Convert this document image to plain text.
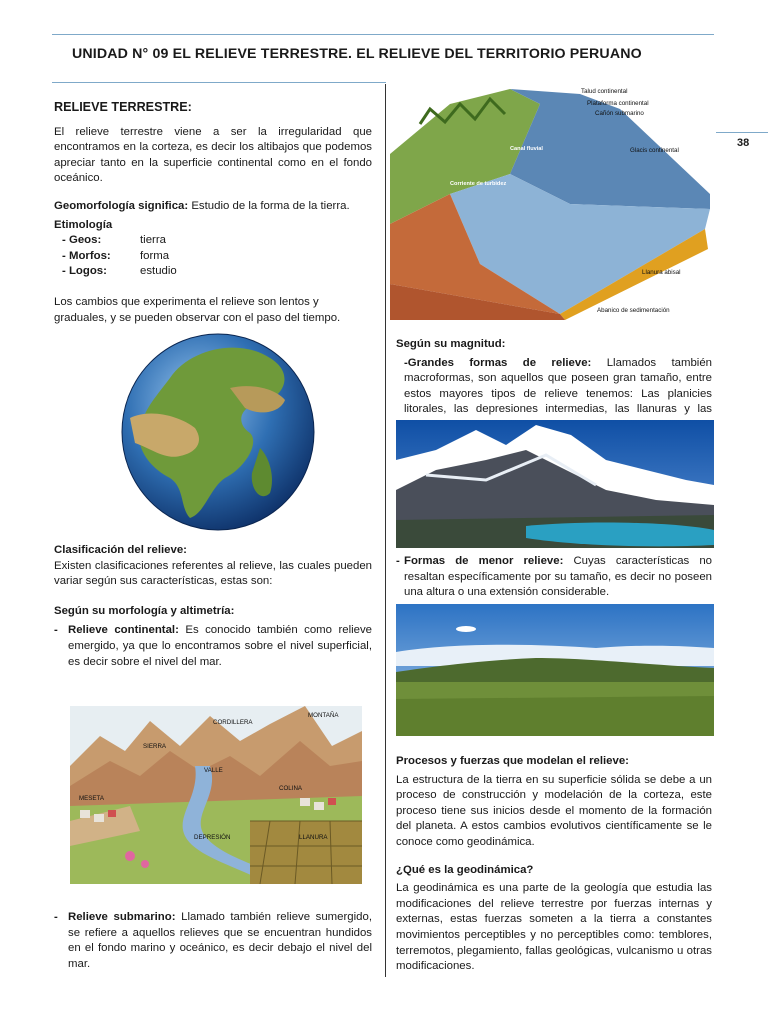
UNIDAD N° 09 EL RELIEVE TERRESTRE. EL RELIEVE DEL TERRITORIO PERUANO
38
RELIEVE TERRESTRE:

El relieve terrestre viene a ser la irregularidad que encontramos en la corteza, es decir los altibajos que podemos apreciar tanto en la superficie continental como en el fondo oceánico.

Geomorfología significa: Estudio de la forma de la tierra.

Etimología

- Geos:	tierra
- Morfos:	forma
- Logos:	estudio

Los cambios que experimenta el relieve son lentos y graduales, y se pueden observar con el paso del tiempo.

Clasificación del relieve:

Existen clasificaciones referentes al relieve, las cuales pueden variar según sus características, estas son:

Según su morfología y altimetría:

- Relieve continental: Es conocido también como relieve emergido, ya que lo encontramos sobre el nivel superficial, es decir sobre el nivel del mar.

CORDILLERA
MONTAÑA
SIERRA
VALLE
MESETA
COLINA
DEPRESIÓN	LLANURA
- Relieve submarino: Llamado también relieve sumergido, se refiere a aquellos relieves que se encuentran hundidos en el fondo marino y oceánico, es decir debajo el nivel del mar.

Talud continental
Plataforma continental
Cañón submarino
Canal fluvial	Glacis continental
Corriente de turbidez
Llanura abisal
Abanico de sedimentación

Según su magnitud:

-Grandes formas de relieve: Llamados también macroformas, son aquellos que poseen gran tamaño, entre estos mayores tipos de relieve tenemos: Las planicies litorales, las depresiones intermedias, las llanuras y las

- Formas de menor relieve: Cuyas características no resaltan específicamente por su tamaño, es decir no poseen una altura o una extensión considerable.

Procesos y fuerzas que modelan el relieve:

La estructura de la tierra en su superficie sólida se debe a un proceso de construcción y modelación de la corteza, este proceso tiene sus inicios desde el momento de la formación del planeta. A estos cambios evolutivos científicamente se le conoce como geodinámica.

¿Qué es la geodinámica?

La geodinámica es una parte de la geología que estudia las modificaciones del relieve terrestre por fuerzas internas y externas, estas fuerzas someten a la tierra a constantes movimientos perceptibles y no perceptibles como: temblores, terremotos, plegamiento, fallas geológicas, vulcanismo u otras modificaciones.
